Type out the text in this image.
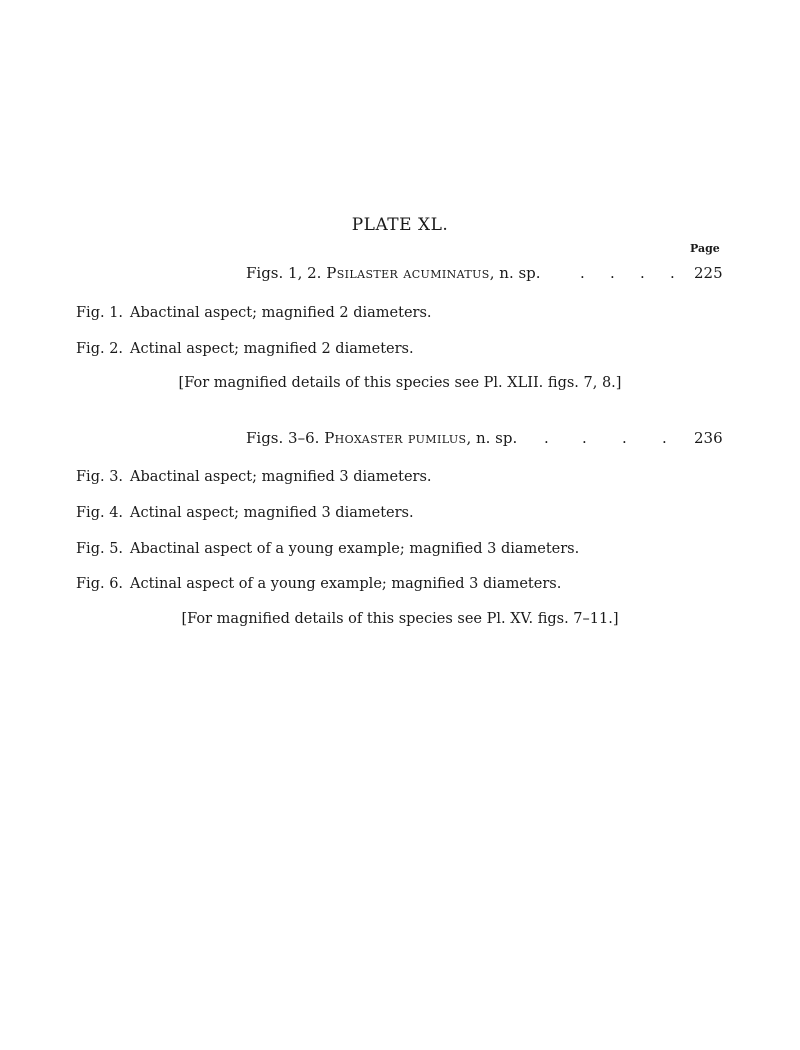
PLATE XL.
Page
Figs. 1, 2. Psilaster acuminatus, n. sp.	. . . . 225
Fig. 1. Abactinal aspect; magnified 2 diameters.
Fig. 2. Actinal aspect; magnified 2 diameters.
[For magnified details of this species see Pl. XLII. figs. 7, 8.]
Figs. 3–6. Phoxaster pumilus, n. sp. . . . . 236
Fig. 3. Abactinal aspect; magnified 3 diameters.
Fig. 4. Actinal aspect; magnified 3 diameters.
Fig. 5. Abactinal aspect of a young example; magnified 3 diameters.
Fig. 6. Actinal aspect of a young example; magnified 3 diameters.
[For magnified details of this species see Pl. XV. figs. 7–11.]
